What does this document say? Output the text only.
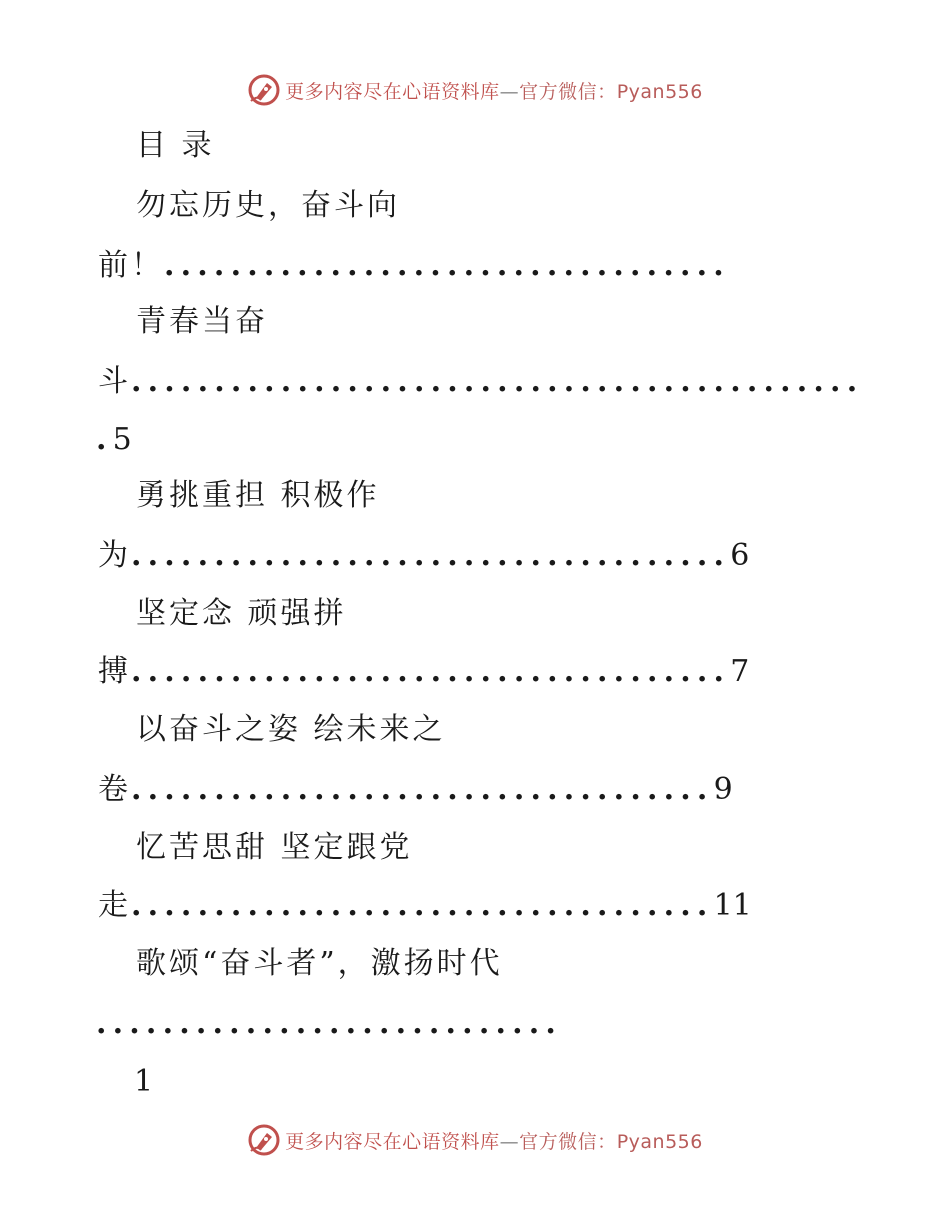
更多内容尽在心语资料库—官方微信：Pyan556
目 录
勿忘历史，奋斗向
前！..................................
青春当奋
斗............................................
.5
勇挑重担 积极作
为....................................6
坚定念 顽强拼
搏....................................7
以奋斗之姿 绘未来之
卷...................................9
忆苦思甜 坚定跟党
走...................................11
歌颂“奋斗者”，激扬时代
............................
1
更多内容尽在心语资料库—官方微信：Pyan556
